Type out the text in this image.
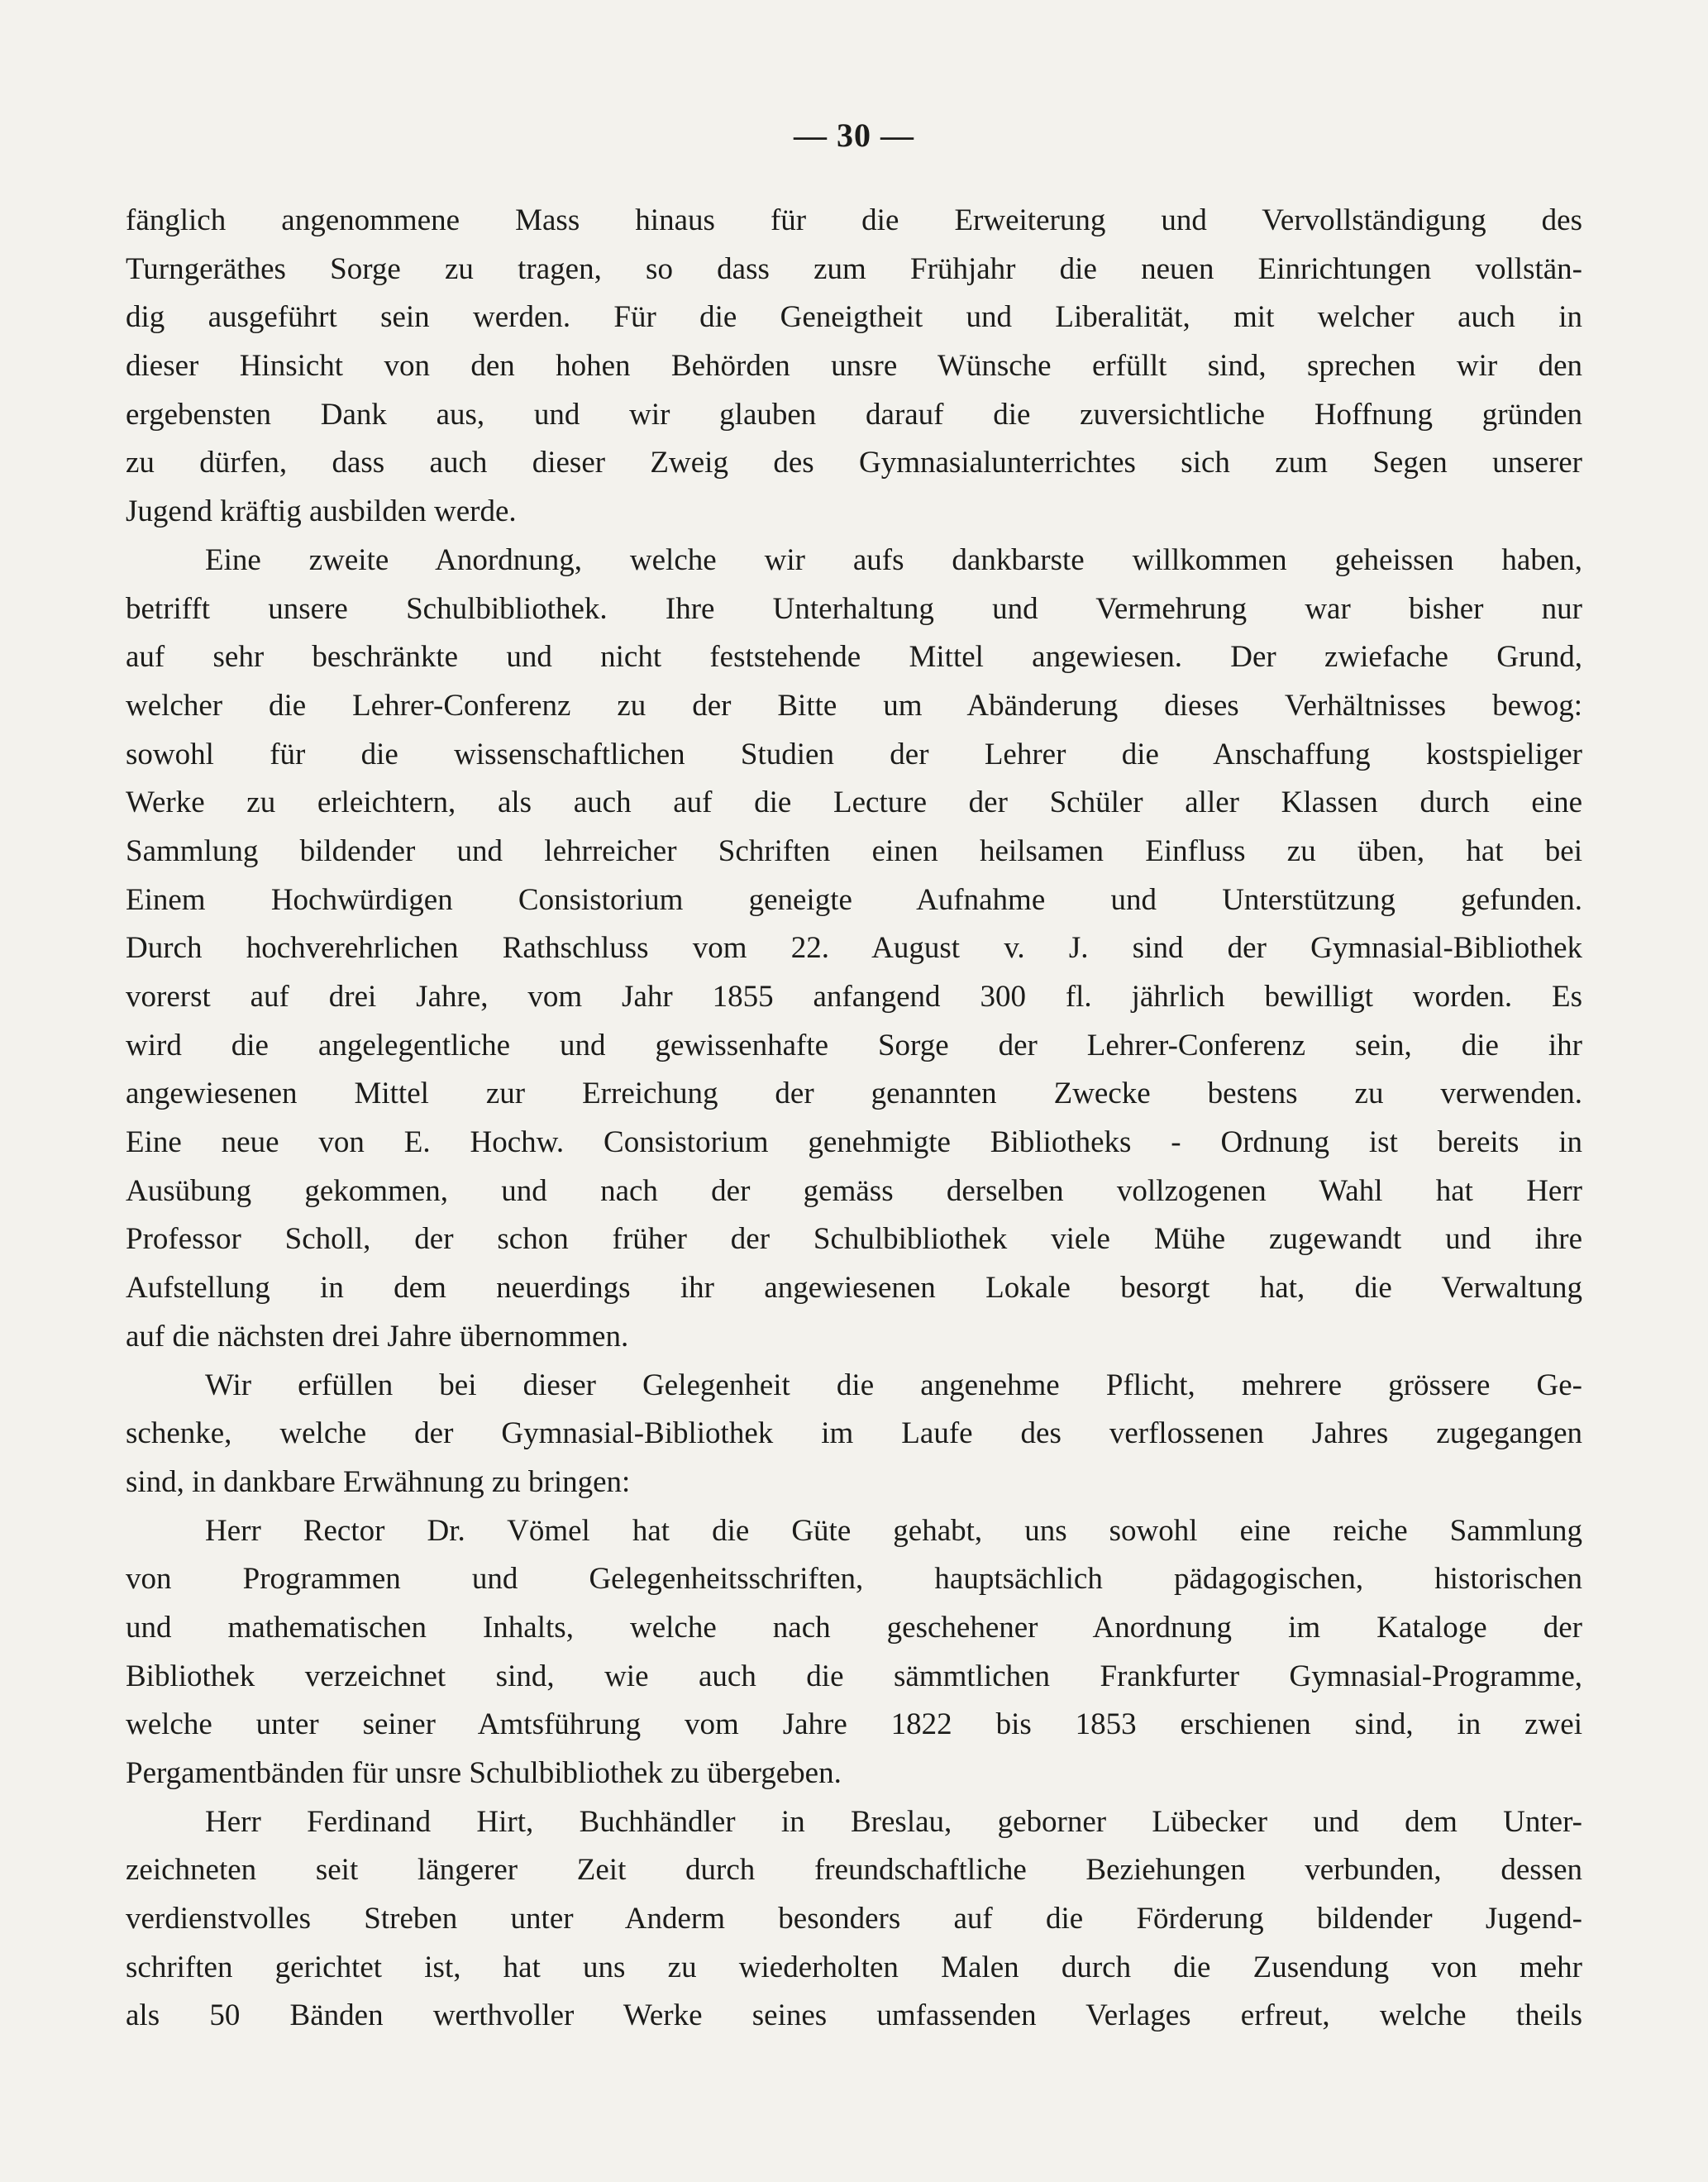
— 30 —
fänglich angenommene Mass hinaus für die Erweiterung und Vervollständigung des
Turngeräthes Sorge zu tragen, so dass zum Frühjahr die neuen Einrichtungen vollstän-
dig ausgeführt sein werden. Für die Geneigtheit und Liberalität, mit welcher auch in
dieser Hinsicht von den hohen Behörden unsre Wünsche erfüllt sind, sprechen wir den
ergebensten Dank aus, und wir glauben darauf die zuversichtliche Hoffnung gründen
zu dürfen, dass auch dieser Zweig des Gymnasialunterrichtes sich zum Segen unserer
Jugend kräftig ausbilden werde.
Eine zweite Anordnung, welche wir aufs dankbarste willkommen geheissen haben,
betrifft unsere Schulbibliothek. Ihre Unterhaltung und Vermehrung war bisher nur
auf sehr beschränkte und nicht feststehende Mittel angewiesen. Der zwiefache Grund,
welcher die Lehrer-Conferenz zu der Bitte um Abänderung dieses Verhältnisses bewog:
sowohl für die wissenschaftlichen Studien der Lehrer die Anschaffung kostspieliger
Werke zu erleichtern, als auch auf die Lecture der Schüler aller Klassen durch eine
Sammlung bildender und lehrreicher Schriften einen heilsamen Einfluss zu üben, hat bei
Einem Hochwürdigen Consistorium geneigte Aufnahme und Unterstützung gefunden.
Durch hochverehrlichen Rathschluss vom 22. August v. J. sind der Gymnasial-Bibliothek
vorerst auf drei Jahre, vom Jahr 1855 anfangend 300 fl. jährlich bewilligt worden. Es
wird die angelegentliche und gewissenhafte Sorge der Lehrer-Conferenz sein, die ihr
angewiesenen Mittel zur Erreichung der genannten Zwecke bestens zu verwenden.
Eine neue von E. Hochw. Consistorium genehmigte Bibliotheks - Ordnung ist bereits in
Ausübung gekommen, und nach der gemäss derselben vollzogenen Wahl hat Herr
Professor Scholl, der schon früher der Schulbibliothek viele Mühe zugewandt und ihre
Aufstellung in dem neuerdings ihr angewiesenen Lokale besorgt hat, die Verwaltung
auf die nächsten drei Jahre übernommen.
Wir erfüllen bei dieser Gelegenheit die angenehme Pflicht, mehrere grössere Ge-
schenke, welche der Gymnasial-Bibliothek im Laufe des verflossenen Jahres zugegangen
sind, in dankbare Erwähnung zu bringen:
Herr Rector Dr. Vömel hat die Güte gehabt, uns sowohl eine reiche Sammlung
von Programmen und Gelegenheitsschriften, hauptsächlich pädagogischen, historischen
und mathematischen Inhalts, welche nach geschehener Anordnung im Kataloge der
Bibliothek verzeichnet sind, wie auch die sämmtlichen Frankfurter Gymnasial-Programme,
welche unter seiner Amtsführung vom Jahre 1822 bis 1853 erschienen sind, in zwei
Pergamentbänden für unsre Schulbibliothek zu übergeben.
Herr Ferdinand Hirt, Buchhändler in Breslau, geborner Lübecker und dem Unter-
zeichneten seit längerer Zeit durch freundschaftliche Beziehungen verbunden, dessen
verdienstvolles Streben unter Anderm besonders auf die Förderung bildender Jugend-
schriften gerichtet ist, hat uns zu wiederholten Malen durch die Zusendung von mehr
als 50 Bänden werthvoller Werke seines umfassenden Verlages erfreut, welche theils
